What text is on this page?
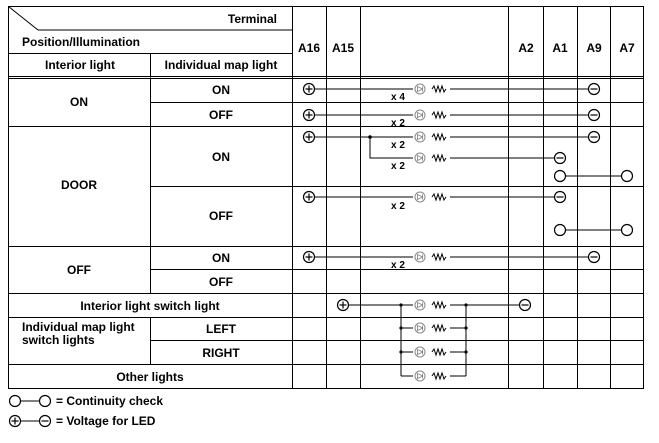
Terminal
Position/Illumination
Interior light	Individual map light
A16 A15	A2 A1 A9 A7
ON
ON
OFF
DOOR
ON
OFF
OFF
ON
OFF
Interior light switch light
Individual map light switch lights
LEFT
RIGHT
Other lights
x 4
x 2
x 2
x 2
x 2
x 2
= Continuity check
= Voltage for LED
